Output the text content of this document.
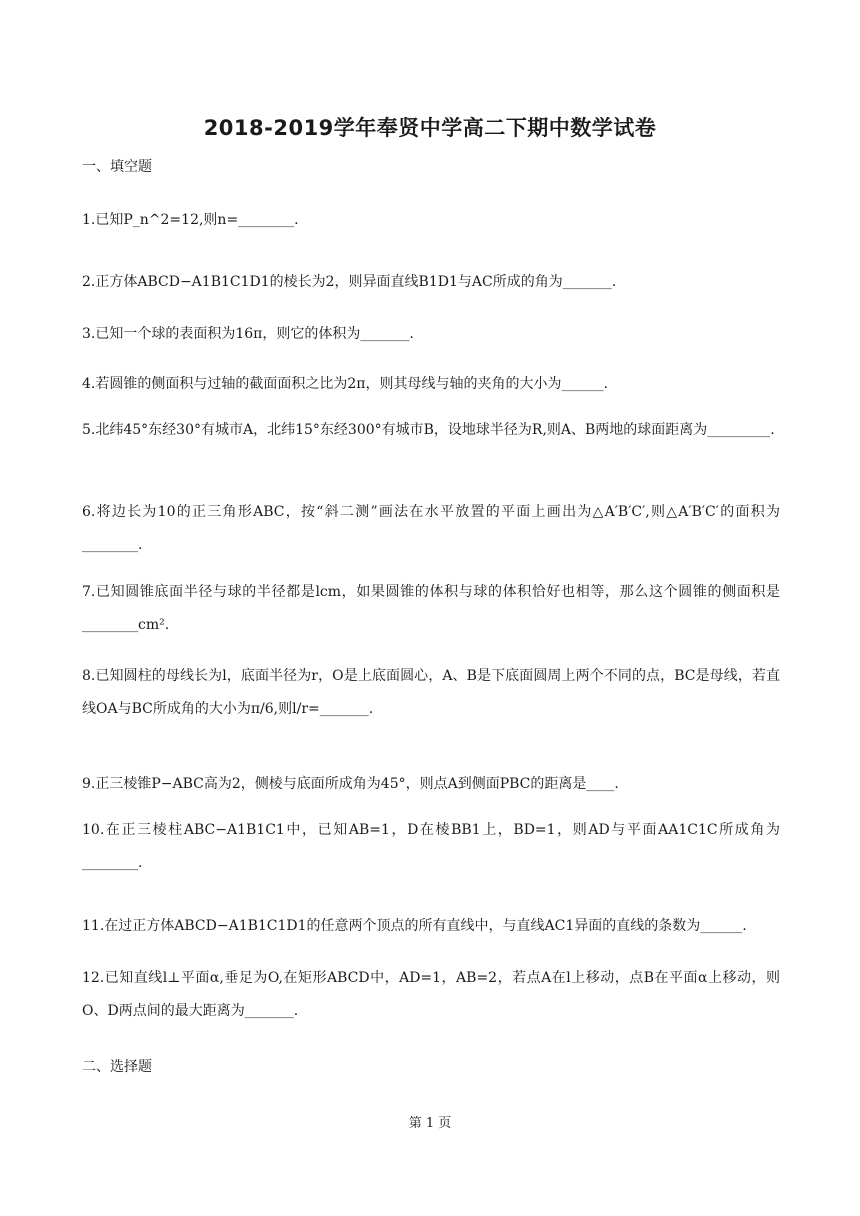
2018-2019学年奉贤中学高二下期中数学试卷
一、填空题
1.已知P_n^2=12,则n=________.
2.正方体ABCD−A1B1C1D1的棱长为2，则异面直线B1D1与AC所成的角为_______.
3.已知一个球的表面积为16π，则它的体积为_______.
4.若圆锥的侧面积与过轴的截面面积之比为2π，则其母线与轴的夹角的大小为______.
5.北纬45°东经30°有城市A，北纬15°东经300°有城市B，设地球半径为R,则A、B两地的球面距离为_________.
6.将边长为10的正三角形ABC，按“斜二测”画法在水平放置的平面上画出为△A′B′C′,则△A′B′C′的面积为________.
7.已知圆锥底面半径与球的半径都是lcm，如果圆锥的体积与球的体积恰好也相等，那么这个圆锥的侧面积是________cm².
8.已知圆柱的母线长为l，底面半径为r，O是上底面圆心，A、B是下底面圆周上两个不同的点，BC是母线，若直线OA与BC所成角的大小为π/6,则l/r=_______.
9.正三棱锥P−ABC高为2，侧棱与底面所成角为45°，则点A到侧面PBC的距离是____.
10.在正三棱柱ABC−A1B1C1中，已知AB=1，D在棱BB1上，BD=1，则AD与平面AA1C1C所成角为________.
11.在过正方体ABCD−A1B1C1D1的任意两个顶点的所有直线中，与直线AC1异面的直线的条数为______.
12.已知直线l⊥平面α,垂足为O,在矩形ABCD中，AD=1，AB=2，若点A在l上移动，点B在平面α上移动，则O、D两点间的最大距离为_______.
二、选择题
第 1 页
